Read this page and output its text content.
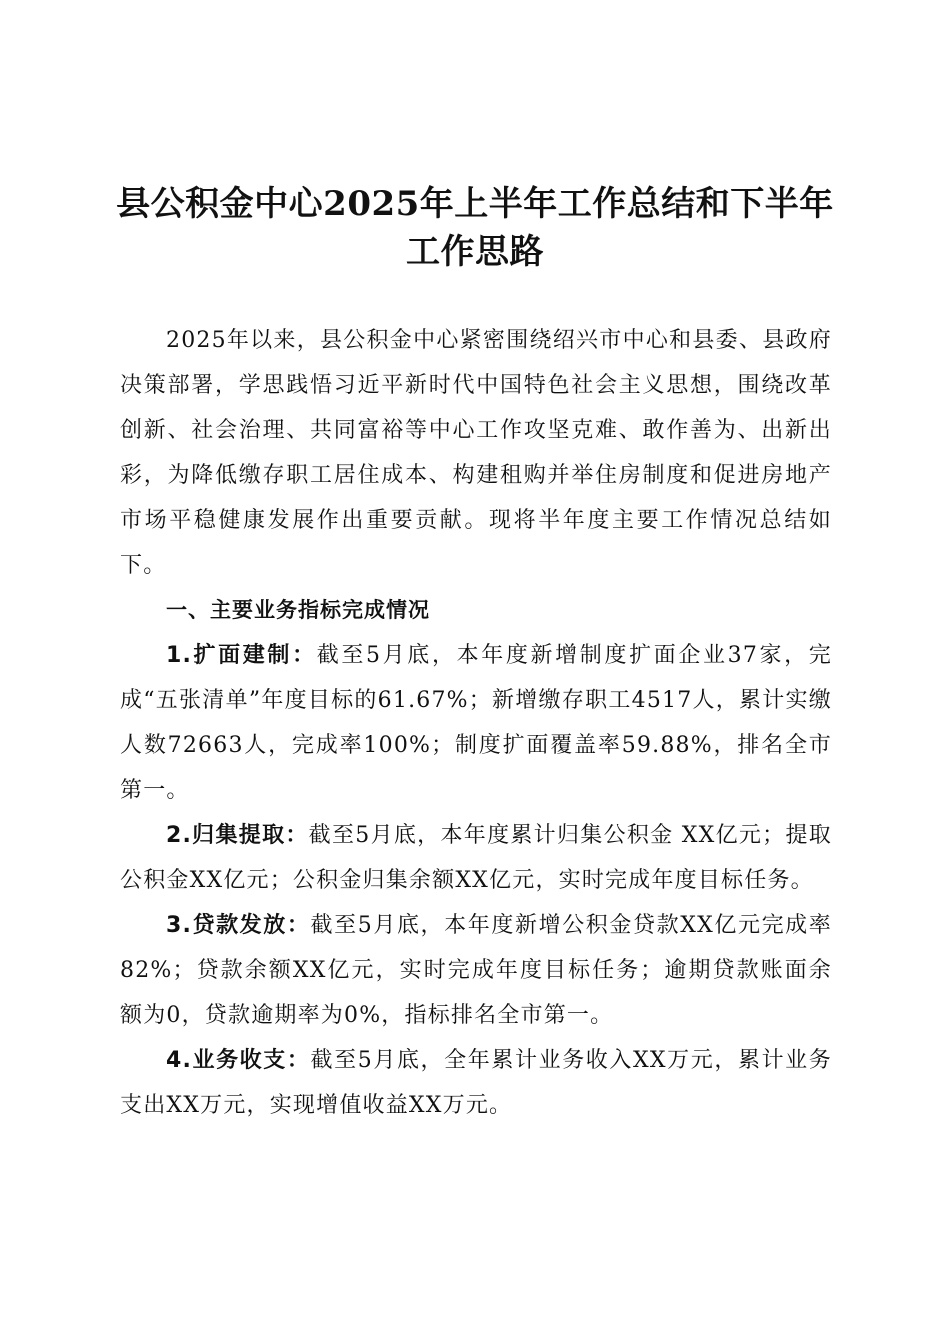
县公积金中心2025年上半年工作总结和下半年工作思路

2025年以来，县公积金中心紧密围绕绍兴市中心和县委、县政府决策部署，学思践悟习近平新时代中国特色社会主义思想，围绕改革创新、社会治理、共同富裕等中心工作攻坚克难、敢作善为、出新出彩，为降低缴存职工居住成本、构建租购并举住房制度和促进房地产市场平稳健康发展作出重要贡献。现将半年度主要工作情况总结如下。

一、主要业务指标完成情况

1.扩面建制：截至5月底，本年度新增制度扩面企业37家，完成“五张清单”年度目标的61.67%；新增缴存职工4517人，累计实缴人数72663人，完成率100%；制度扩面覆盖率59.88%，排名全市第一。

2.归集提取：截至5月底，本年度累计归集公积金 XX亿元；提取公积金XX亿元；公积金归集余额XX亿元，实时完成年度目标任务。

3.贷款发放：截至5月底，本年度新增公积金贷款XX亿元完成率82%；贷款余额XX亿元，实时完成年度目标任务；逾期贷款账面余额为0，贷款逾期率为0%，指标排名全市第一。

4.业务收支：截至5月底，全年累计业务收入XX万元，累计业务支出XX万元，实现增值收益XX万元。
